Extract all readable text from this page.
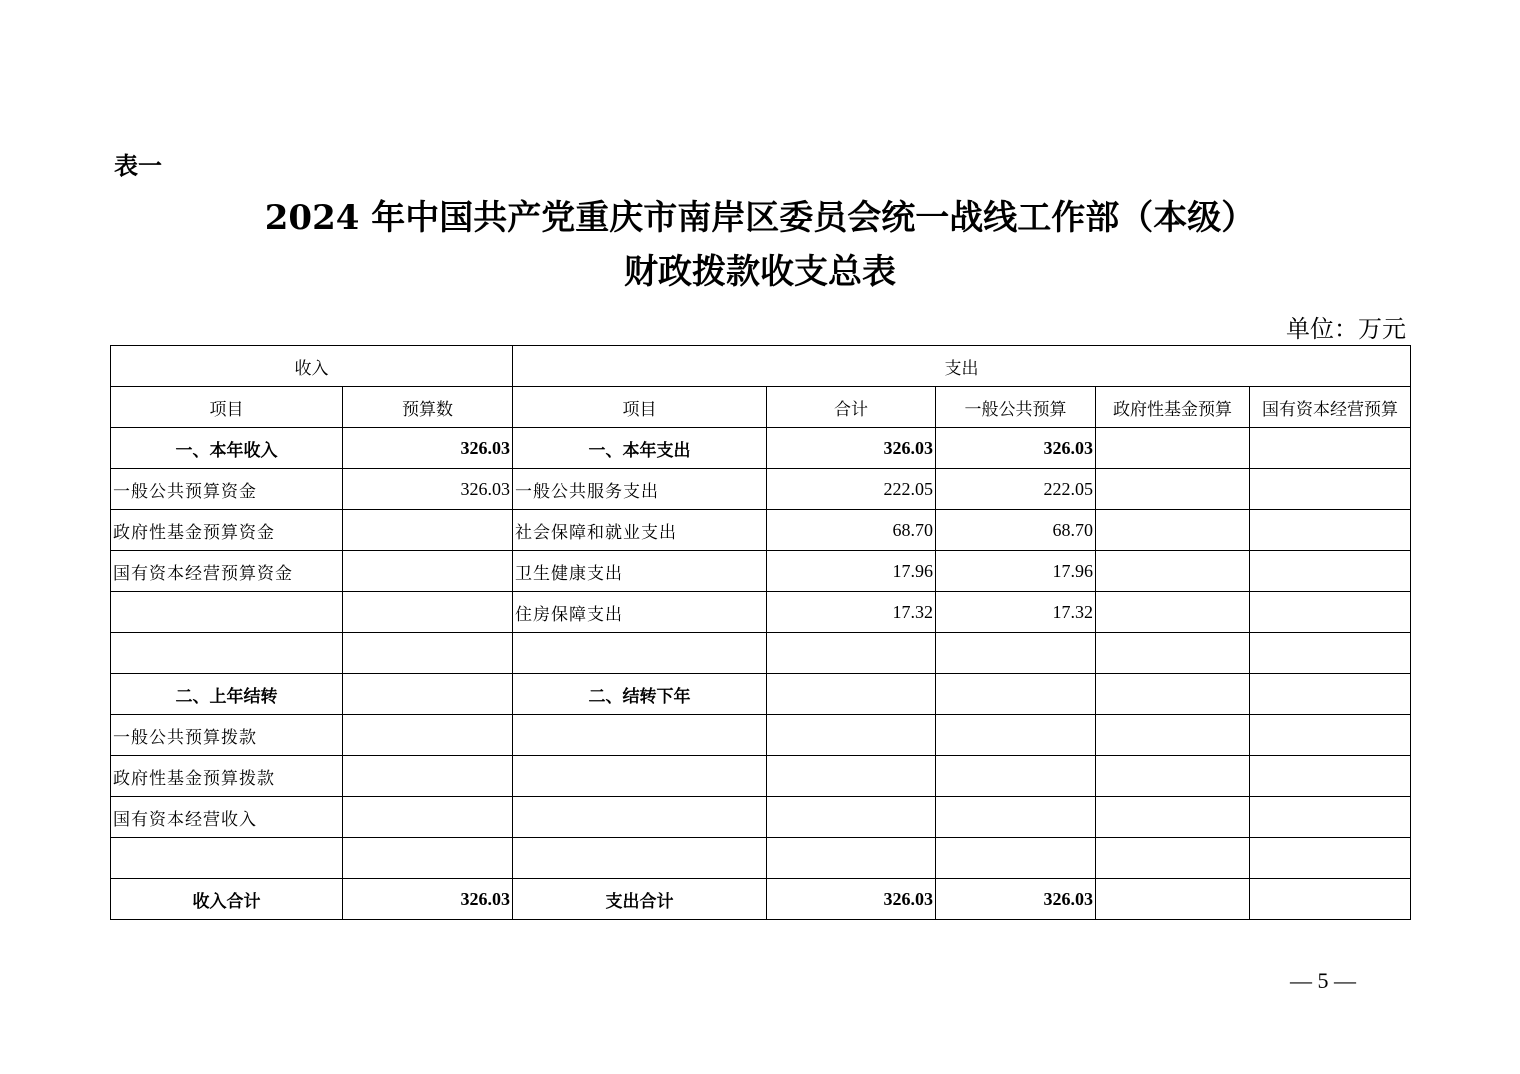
表一
2024 年中国共产党重庆市南岸区委员会统一战线工作部（本级）
财政拨款收支总表
单位：万元
收入		支出				
项目	预算数	项目	合计	一般公共预算	政府性基金预算	国有资本经营预算
一、本年收入	326.03	一、本年支出	326.03	326.03		
一般公共预算资金	326.03	一般公共服务支出	222.05	222.05		
政府性基金预算资金		社会保障和就业支出	68.70	68.70		
国有资本经营预算资金		卫生健康支出	17.96	17.96		
		住房保障支出	17.32	17.32		

二、上年结转		二、结转下年				
一般公共预算拨款						
政府性基金预算拨款						
国有资本经营收入						

收入合计	326.03	支出合计	326.03	326.03		
— 5 —
